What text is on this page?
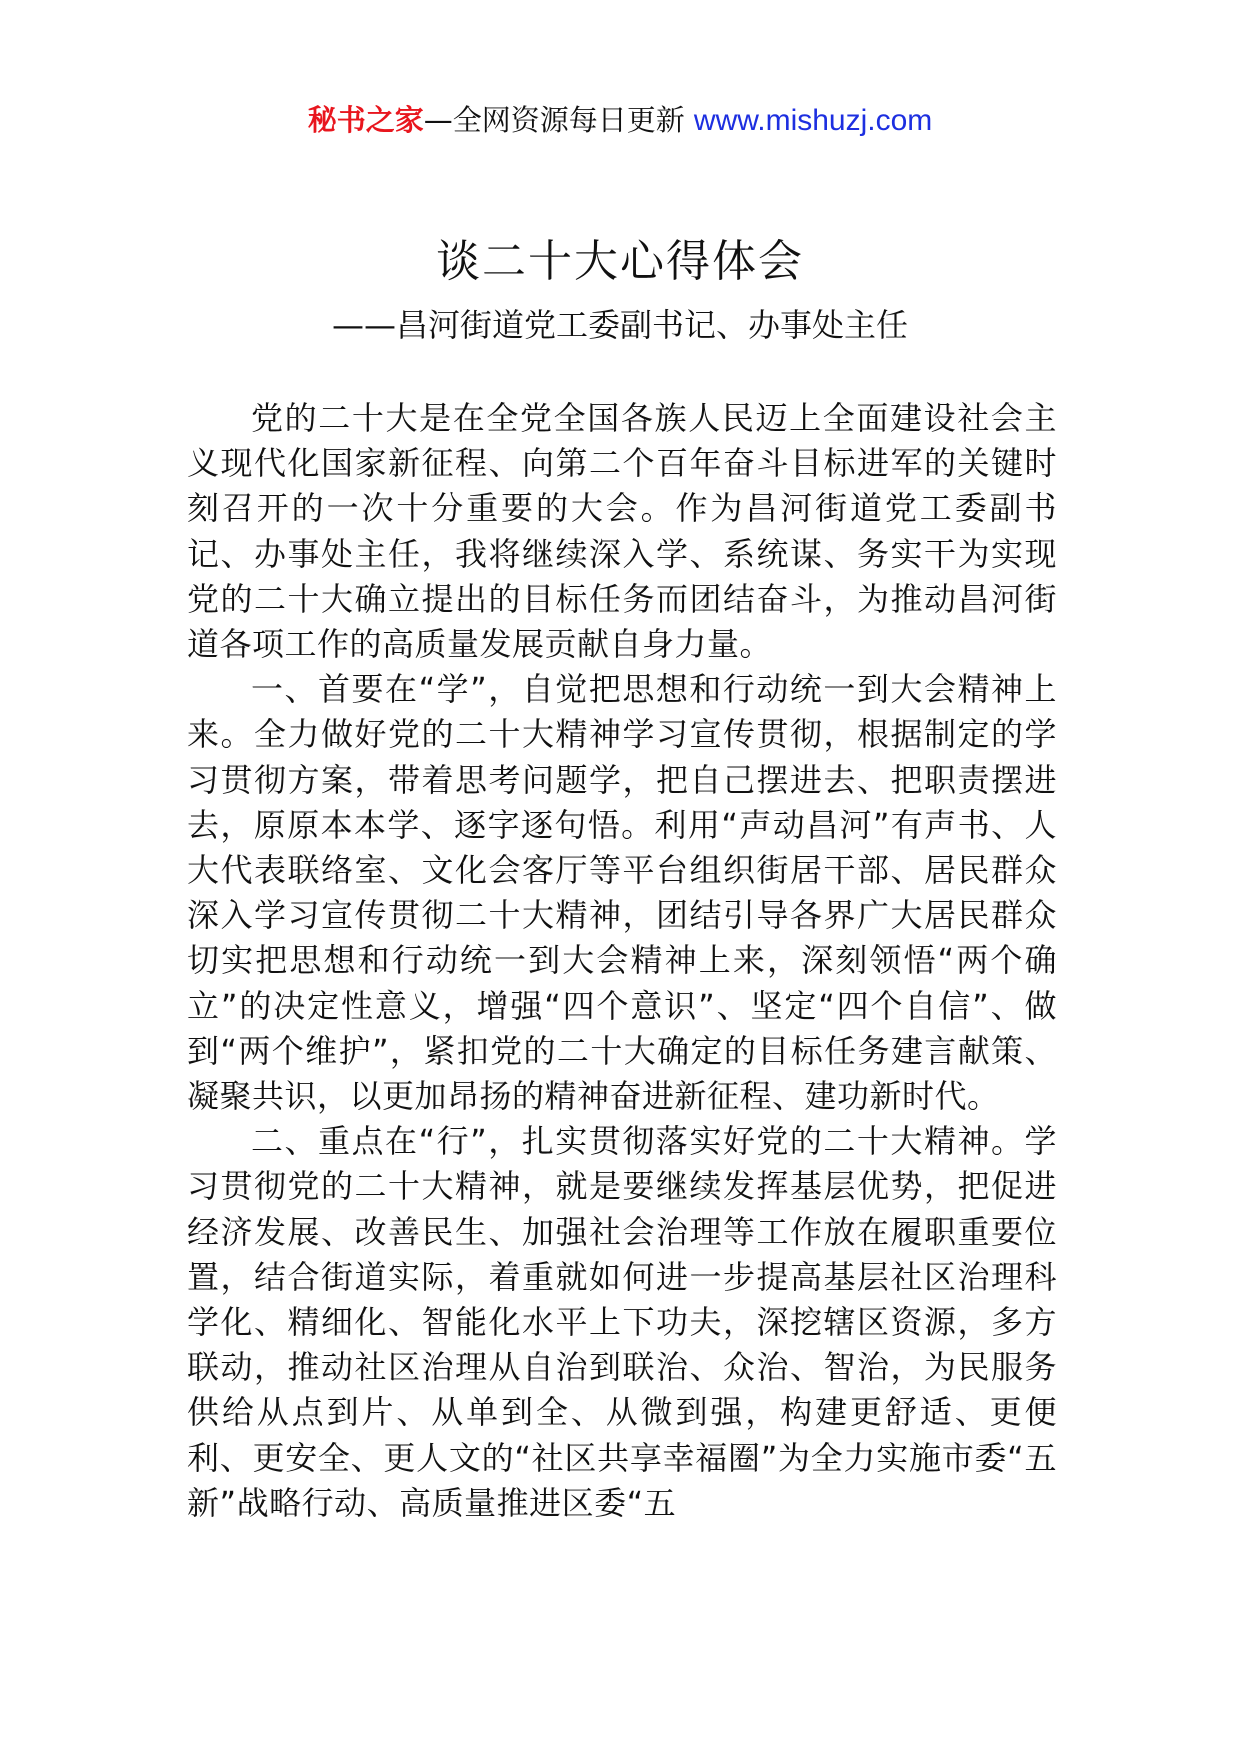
秘书之家—全网资源每日更新 www.mishuzj.com
谈二十大心得体会
——昌河街道党工委副书记、办事处主任

党的二十大是在全党全国各族人民迈上全面建设社会主义现代化国家新征程、向第二个百年奋斗目标进军的关键时刻召开的一次十分重要的大会。作为昌河街道党工委副书记、办事处主任，我将继续深入学、系统谋、务实干为实现党的二十大确立提出的目标任务而团结奋斗，为推动昌河街道各项工作的高质量发展贡献自身力量。

一、首要在“学”，自觉把思想和行动统一到大会精神上来。全力做好党的二十大精神学习宣传贯彻，根据制定的学习贯彻方案，带着思考问题学，把自己摆进去、把职责摆进去，原原本本学、逐字逐句悟。利用“声动昌河”有声书、人大代表联络室、文化会客厅等平台组织街居干部、居民群众深入学习宣传贯彻二十大精神，团结引导各界广大居民群众切实把思想和行动统一到大会精神上来，深刻领悟“两个确立”的决定性意义，增强“四个意识”、坚定“四个自信”、做到“两个维护”，紧扣党的二十大确定的目标任务建言献策、凝聚共识，以更加昂扬的精神奋进新征程、建功新时代。

二、重点在“行”，扎实贯彻落实好党的二十大精神。学习贯彻党的二十大精神，就是要继续发挥基层优势，把促进经济发展、改善民生、加强社会治理等工作放在履职重要位置，结合街道实际，着重就如何进一步提高基层社区治理科学化、精细化、智能化水平上下功夫，深挖辖区资源，多方联动，推动社区治理从自治到联治、众治、智治，为民服务供给从点到片、从单到全、从微到强，构建更舒适、更便利、更安全、更人文的“社区共享幸福圈”为全力实施市委“五新”战略行动、高质量推进区委“五
